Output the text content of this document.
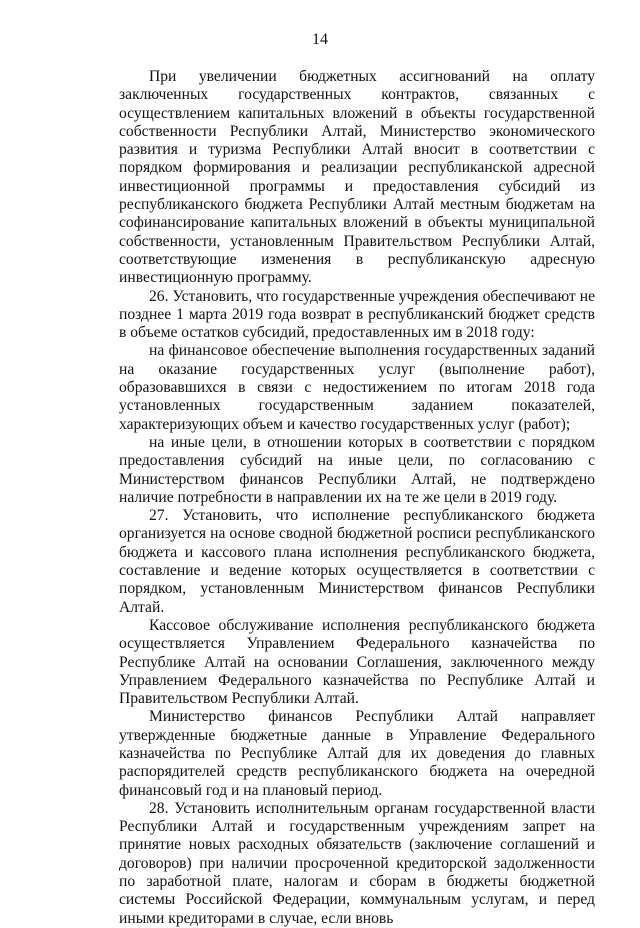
14

При увеличении бюджетных ассигнований на оплату заключенных государственных контрактов, связанных с осуществлением капитальных вложений в объекты государственной собственности Республики Алтай, Министерство экономического развития и туризма Республики Алтай вносит в соответствии с порядком формирования и реализации республиканской адресной инвестиционной программы и предоставления субсидий из республиканского бюджета Республики Алтай местным бюджетам на софинансирование капитальных вложений в объекты муниципальной собственности, установленным Правительством Республики Алтай, соответствующие изменения в республиканскую адресную инвестиционную программу.

26. Установить, что государственные учреждения обеспечивают не позднее 1 марта 2019 года возврат в республиканский бюджет средств в объеме остатков субсидий, предоставленных им в 2018 году:

на финансовое обеспечение выполнения государственных заданий на оказание государственных услуг (выполнение работ), образовавшихся в связи с недостижением по итогам 2018 года установленных государственным заданием показателей, характеризующих объем и качество государственных услуг (работ);

на иные цели, в отношении которых в соответствии с порядком предоставления субсидий на иные цели, по согласованию с Министерством финансов Республики Алтай, не подтверждено наличие потребности в направлении их на те же цели в 2019 году.

27. Установить, что исполнение республиканского бюджета организуется на основе сводной бюджетной росписи республиканского бюджета и кассового плана исполнения республиканского бюджета, составление и ведение которых осуществляется в соответствии с порядком, установленным Министерством финансов Республики Алтай.

Кассовое обслуживание исполнения республиканского бюджета осуществляется Управлением Федерального казначейства по Республике Алтай на основании Соглашения, заключенного между Управлением Федерального казначейства по Республике Алтай и Правительством Республики Алтай.

Министерство финансов Республики Алтай направляет утвержденные бюджетные данные в Управление Федерального казначейства по Республике Алтай для их доведения до главных распорядителей средств республиканского бюджета на очередной финансовый год и на плановый период.

28. Установить исполнительным органам государственной власти Республики Алтай и государственным учреждениям запрет на принятие новых расходных обязательств (заключение соглашений и договоров) при наличии просроченной кредиторской задолженности по заработной плате, налогам и сборам в бюджеты бюджетной системы Российской Федерации, коммунальным услугам, и перед иными кредиторами в случае, если вновь
